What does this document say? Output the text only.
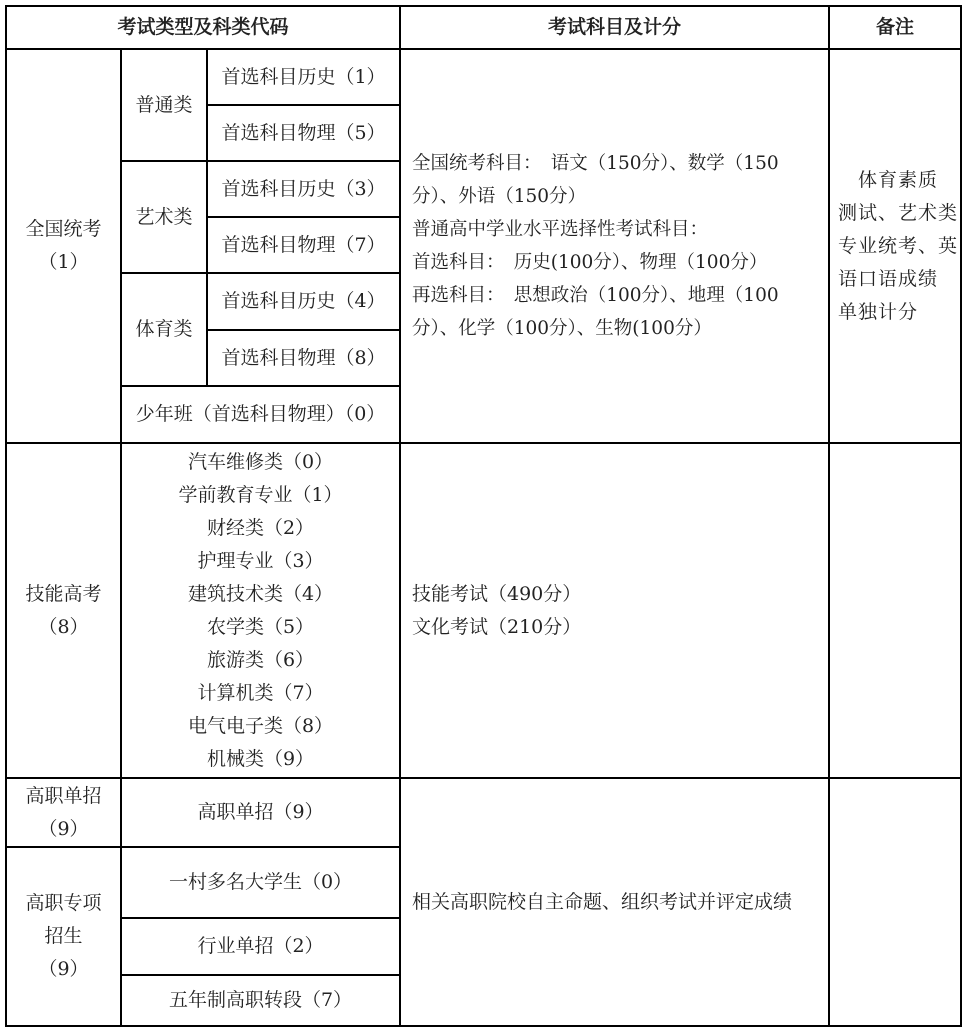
考试类型及科类代码	考试科目及计分	备注
全国统考
（1）
普通类
首选科目历史（1）
首选科目物理（5）
艺术类
首选科目历史（3）
首选科目物理（7）
体育类
首选科目历史（4）
首选科目物理（8）
少年班（首选科目物理）（0）
全国统考科目：　语文（150分）、数学（150
分）、外语（150分）
普通高中学业水平选择性考试科目：
首选科目：　历史(100分）、物理（100分）
再选科目：　思想政治（100分）、地理（100
分）、化学（100分）、生物(100分）
　体育素质
测试、艺术类
专业统考、英
语口语成绩
单独计分
技能高考
（8）
汽车维修类（0）
学前教育专业（1）
财经类（2）
护理专业（3）
建筑技术类（4）
农学类（5）
旅游类（6）
计算机类（7）
电气电子类（8）
机械类（9）
技能考试（490分）
文化考试（210分）
高职单招
（9）
高职单招（9）
高职专项
招生
（9）
一村多名大学生（0）
行业单招（2）
五年制高职转段（7）
相关高职院校自主命题、组织考试并评定成绩
